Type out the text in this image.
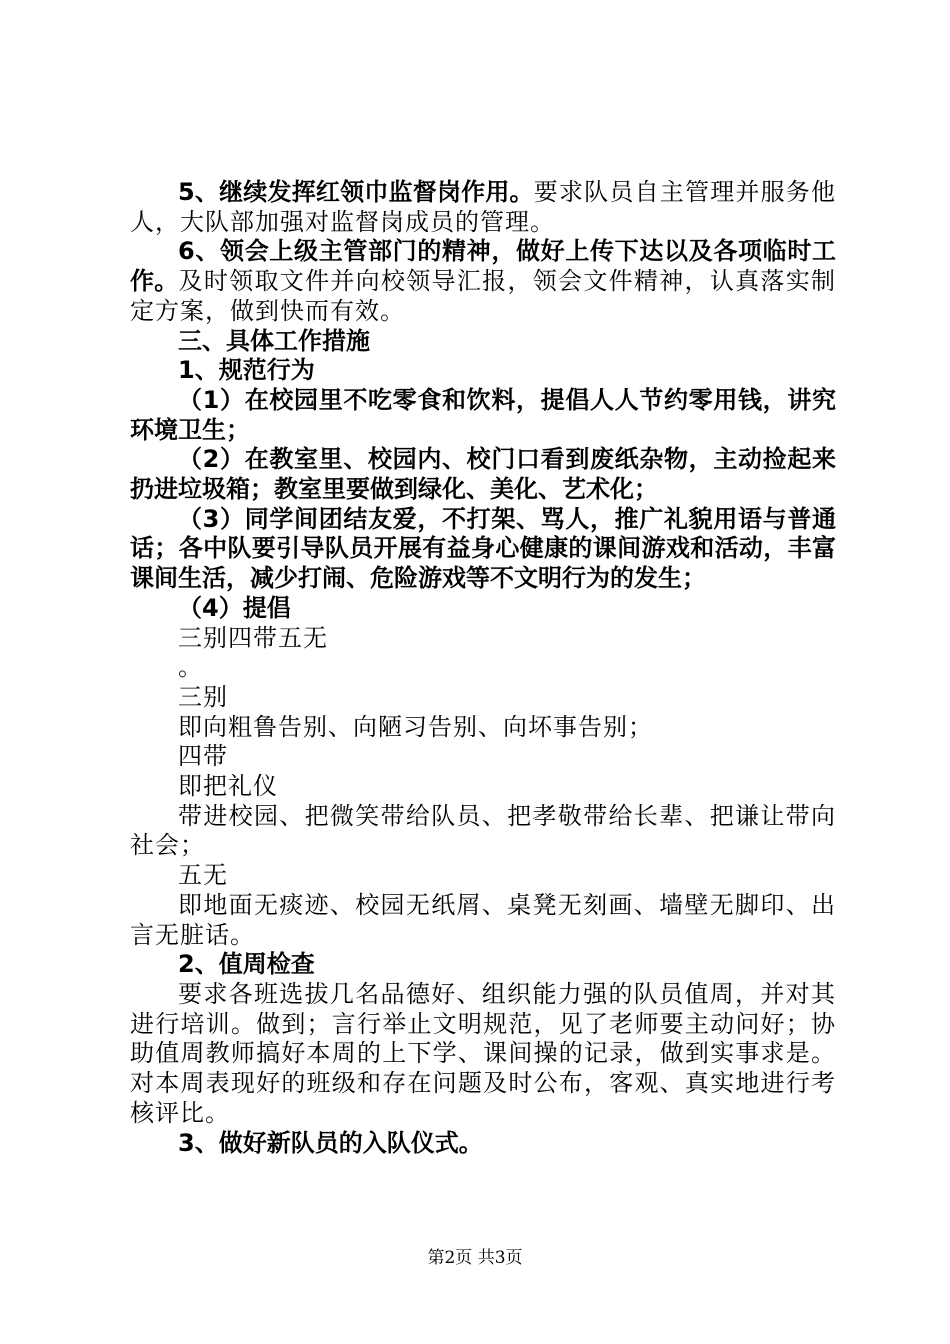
5、继续发挥红领巾监督岗作用。要求队员自主管理并服务他人，大队部加强对监督岗成员的管理。

6、领会上级主管部门的精神，做好上传下达以及各项临时工作。及时领取文件并向校领导汇报，领会文件精神，认真落实制定方案，做到快而有效。

三、具体工作措施

1、规范行为

（1）在校园里不吃零食和饮料，提倡人人节约零用钱，讲究环境卫生；

（2）在教室里、校园内、校门口看到废纸杂物，主动捡起来扔进垃圾箱；教室里要做到绿化、美化、艺术化；

（3）同学间团结友爱，不打架、骂人，推广礼貌用语与普通话；各中队要引导队员开展有益身心健康的课间游戏和活动，丰富课间生活，减少打闹、危险游戏等不文明行为的发生；

（4）提倡

三别四带五无

。

三别

即向粗鲁告别、向陋习告别、向坏事告别；

四带

即把礼仪

带进校园、把微笑带给队员、把孝敬带给长辈、把谦让带向社会；

五无

即地面无痰迹、校园无纸屑、桌凳无刻画、墙壁无脚印、出言无脏话。

2、值周检查

要求各班选拔几名品德好、组织能力强的队员值周，并对其进行培训。做到；言行举止文明规范，见了老师要主动问好；协助值周教师搞好本周的上下学、课间操的记录，做到实事求是。对本周表现好的班级和存在问题及时公布，客观、真实地进行考核评比。

3、做好新队员的入队仪式。

第2页 共3页
